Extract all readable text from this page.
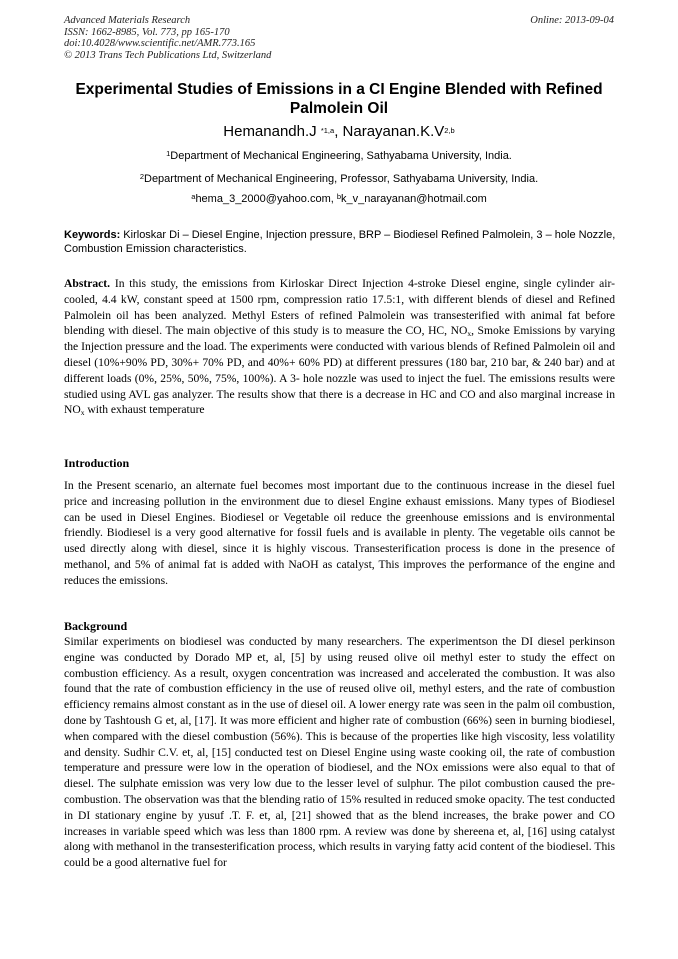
Advanced Materials Research
ISSN: 1662-8985, Vol. 773, pp 165-170
doi:10.4028/www.scientific.net/AMR.773.165
© 2013 Trans Tech Publications Ltd, Switzerland
Online: 2013-09-04
Experimental Studies of Emissions in a CI Engine Blended with Refined Palmolein Oil
Hemanandh.J $^{*1,a}$, $Narayanan.K.V^{2,b}$
$^1$Department of Mechanical Engineering, Sathyabama University, India.
$^2$Department of Mechanical Engineering, Professor, Sathyabama University, India.
$^a$hema_3_2000@yahoo.com, $^b$k_v_narayanan@hotmail.com
Keywords: Kirloskar Di – Diesel Engine, Injection pressure, BRP – Biodiesel Refined Palmolein, 3 – hole Nozzle, Combustion Emission characteristics.
Abstract. In this study, the emissions from Kirloskar Direct Injection 4-stroke Diesel engine, single cylinder air-cooled, 4.4 kW, constant speed at 1500 rpm, compression ratio 17.5:1, with different blends of diesel and Refined Palmolein oil has been analyzed. Methyl Esters of refined Palmolein was transesterified with animal fat before blending with diesel. The main objective of this study is to measure the CO, HC, $NO_x$, Smoke Emissions by varying the Injection pressure and the load. The experiments were conducted with various blends of Refined Palmolein oil and diesel (10%+90% PD, 30%+ 70% PD, and 40%+ 60% PD) at different pressures (180 bar, 210 bar, & 240 bar) and at different loads (0%, 25%, 50%, 75%, 100%). A 3- hole nozzle was used to inject the fuel. The emissions results were studied using AVL gas analyzer. The results show that there is a decrease in HC and CO and also marginal increase in $NO_x$ with exhaust temperature
Introduction
In the Present scenario, an alternate fuel becomes most important due to the continuous increase in the diesel fuel price and increasing pollution in the environment due to diesel Engine exhaust emissions. Many types of Biodiesel can be used in Diesel Engines. Biodiesel or Vegetable oil reduce the greenhouse emissions and is environmental friendly. Biodiesel is a very good alternative for fossil fuels and is available in plenty. The vegetable oils cannot be used directly along with diesel, since it is highly viscous. Transesterification process is done in the presence of methanol, and 5% of animal fat is added with NaOH as catalyst, This improves the performance of the engine and reduces the emissions.
Background
Similar experiments on biodiesel was conducted by many researchers. The experimentson the DI diesel perkinson engine was conducted by Dorado MP et, al, [5] by using reused olive oil methyl ester to study the effect on combustion efficiency. As a result, oxygen concentration was increased and accelerated the combustion. It was also found that the rate of combustion efficiency in the use of reused olive oil, methyl esters, and the rate of combustion efficiency remains almost constant as in the use of diesel oil. A lower energy rate was seen in the palm oil combustion, done by Tashtoush G et, al, [17]. It was more efficient and higher rate of combustion (66%) seen in burning biodiesel, when compared with the diesel combustion (56%). This is because of the properties like high viscosity, less volatility and density. Sudhir C.V. et, al, [15] conducted test on Diesel Engine using waste cooking oil, the rate of combustion temperature and pressure were low in the operation of biodiesel, and the NOx emissions were also equal to that of diesel. The sulphate emission was very low due to the lesser level of sulphur. The pilot combustion caused the pre-combustion. The observation was that the blending ratio of 15% resulted in reduced smoke opacity. The test conducted in DI stationary engine by yusuf .T. F. et, al, [21] showed that as the blend increases, the brake power and CO increases in variable speed which was less than 1800 rpm. A review was done by shereena et, al, [16] using catalyst along with methanol in the transesterification process, which results in varying fatty acid content of the biodiesel. This could be a good alternative fuel for
